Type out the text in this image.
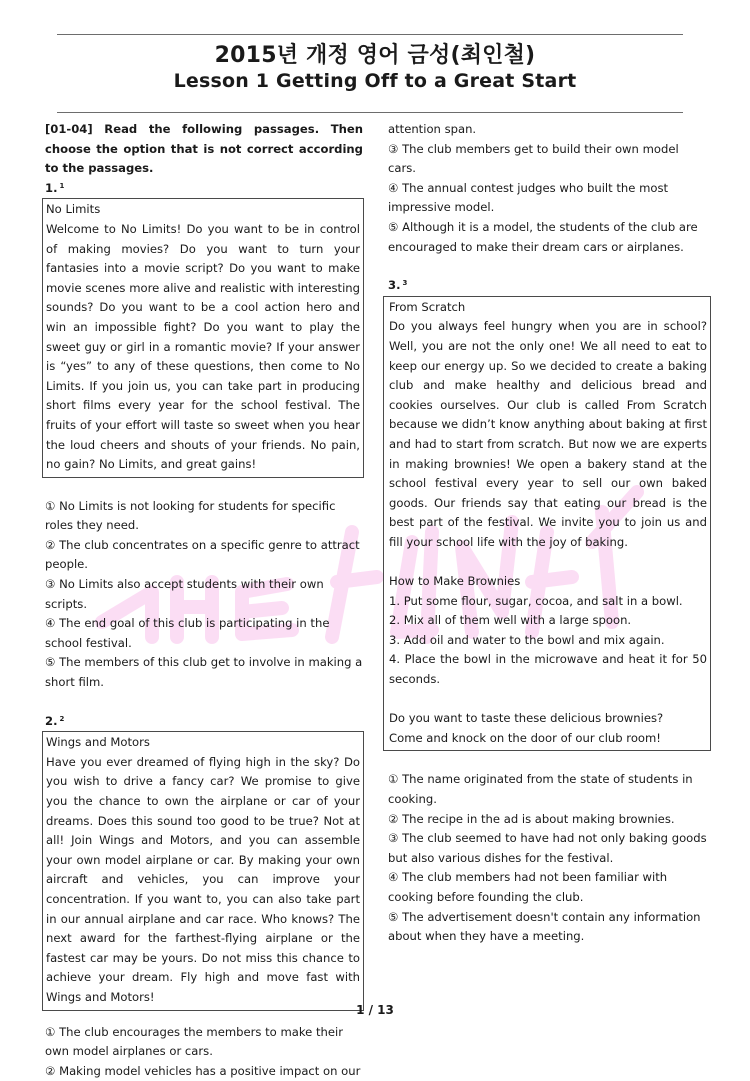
2015년 개정 영어 금성(최인철)
Lesson 1 Getting Off to a Great Start
[01-04] Read the following passages. Then choose the option that is not correct according to the passages.
1. $^1$

No Limits

Welcome to No Limits! Do you want to be in control of making movies? Do you want to turn your fantasies into a movie script? Do you want to make movie scenes more alive and realistic with interesting sounds? Do you want to be a cool action hero and win an impossible fight? Do you want to play the sweet guy or girl in a romantic movie? If your answer is “yes” to any of these questions, then come to No Limits. If you join us, you can take part in producing short films every year for the school festival. The fruits of your effort will taste so sweet when you hear the loud cheers and shouts of your friends. No pain, no gain? No Limits, and great gains!

① No Limits is not looking for students for specific roles they need.

② The club concentrates on a specific genre to attract people.

③ No Limits also accept students with their own scripts.

④ The end goal of this club is participating in the school festival.

⑤ The members of this club get to involve in making a short film.

2. $^2$

Wings and Motors

Have you ever dreamed of flying high in the sky? Do you wish to drive a fancy car? We promise to give you the chance to own the airplane or car of your dreams. Does this sound too good to be true? Not at all! Join Wings and Motors, and you can assemble your own model airplane or car. By making your own aircraft and vehicles, you can improve your concentration. If you want to, you can also take part in our annual airplane and car race. Who knows? The next award for the farthest-flying airplane or the fastest car may be yours. Do not miss this chance to achieve your dream. Fly high and move fast with Wings and Motors!

① The club encourages the members to make their own model airplanes or cars.

② Making model vehicles has a positive impact on our

attention span.

③ The club members get to build their own model cars.

④ The annual contest judges who built the most impressive model.

⑤ Although it is a model, the students of the club are encouraged to make their dream cars or airplanes.

3. $^3$

From Scratch

Do you always feel hungry when you are in school? Well, you are not the only one! We all need to eat to keep our energy up. So we decided to create a baking club and make healthy and delicious bread and cookies ourselves. Our club is called From Scratch because we didn’t know anything about baking at first and had to start from scratch. But now we are experts in making brownies! We open a bakery stand at the school festival every year to sell our own baked goods. Our friends say that eating our bread is the best part of the festival. We invite you to join us and fill your school life with the joy of baking.

How to Make Brownies

1. Put some flour, sugar, cocoa, and salt in a bowl.

2. Mix all of them well with a large spoon.

3. Add oil and water to the bowl and mix again.

4. Place the bowl in the microwave and heat it for 50 seconds.

Do you want to taste these delicious brownies?

Come and knock on the door of our club room!

① The name originated from the state of students in cooking.

② The recipe in the ad is about making brownies.

③ The club seemed to have had not only baking goods but also various dishes for the festival.

④ The club members had not been familiar with cooking before founding the club.

⑤ The advertisement doesn't contain any information about when they have a meeting.

1 / 13
